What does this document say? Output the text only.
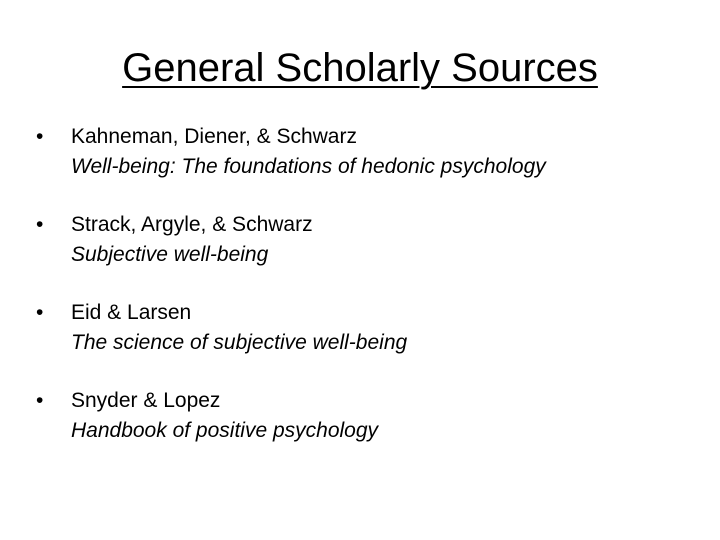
General Scholarly Sources
•	Kahneman, Diener, & Schwarz
Well-being: The foundations of hedonic psychology
•	Strack, Argyle, & Schwarz
Subjective well-being
•	Eid & Larsen
The science of subjective well-being
•	Snyder & Lopez
Handbook of positive psychology
